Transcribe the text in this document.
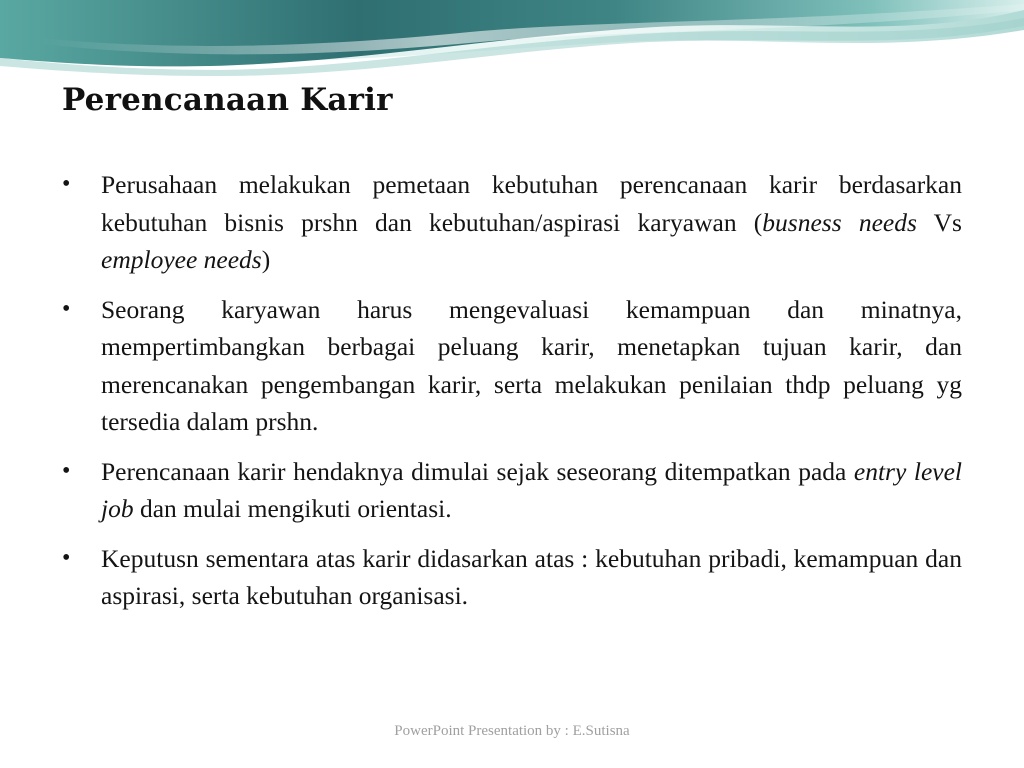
Perencanaan Karir
• Perusahaan melakukan pemetaan kebutuhan perencanaan karir berdasarkan kebutuhan bisnis prshn dan kebutuhan/aspirasi karyawan (busness needs Vs employee needs)
• Seorang karyawan harus mengevaluasi kemampuan dan minatnya, mempertimbangkan berbagai peluang karir, menetapkan tujuan karir, dan merencanakan pengembangan karir, serta melakukan penilaian thdp peluang yg tersedia dalam prshn.
• Perencanaan karir hendaknya dimulai sejak seseorang ditempatkan pada entry level job dan mulai mengikuti orientasi.
• Keputusn sementara atas karir didasarkan atas : kebutuhan pribadi, kemampuan dan aspirasi, serta kebutuhan organisasi.
PowerPoint Presentation by : E.Sutisna
